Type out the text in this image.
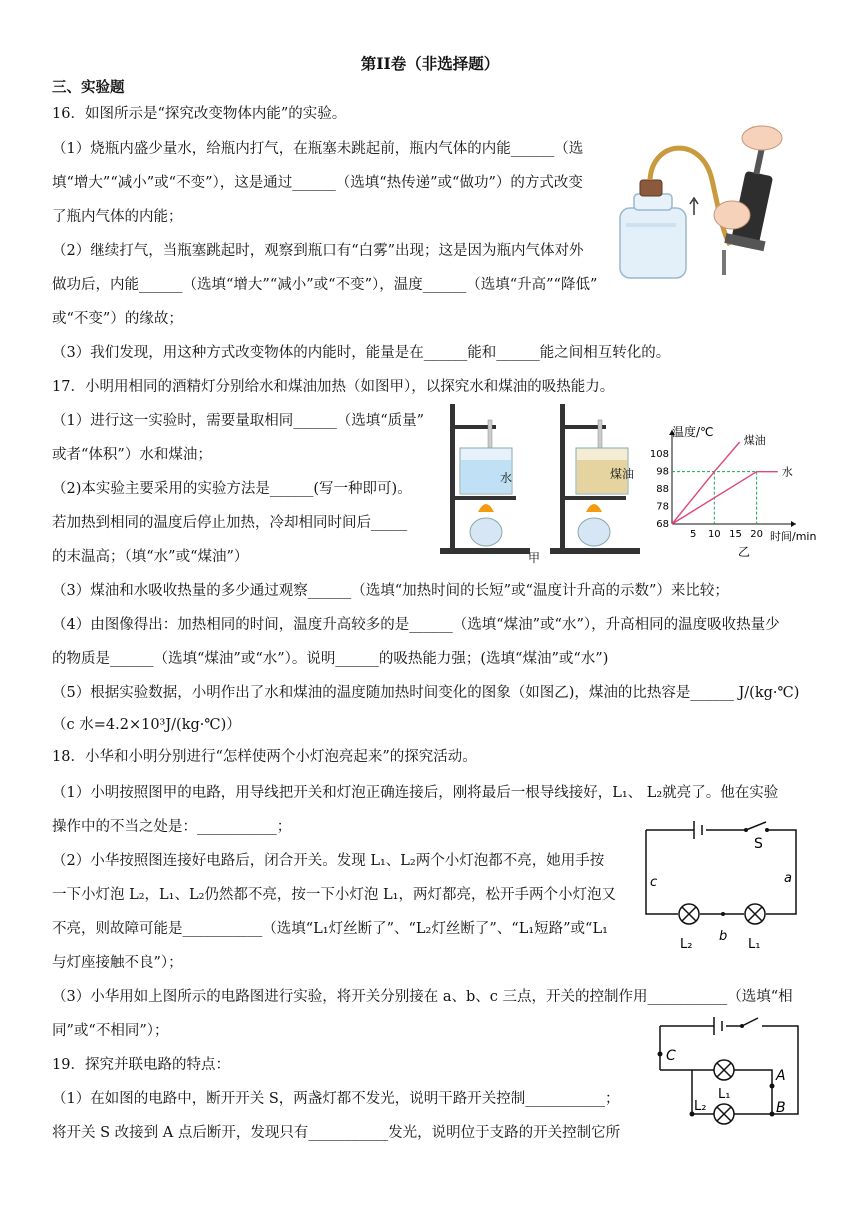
第II卷（非选择题）
三、实验题
16．如图所示是“探究改变物体内能”的实验。
（1）烧瓶内盛少量水，给瓶内打气，在瓶塞未跳起前，瓶内气体的内能______（选
填“增大”“减小”或“不变”），这是通过______（选填“热传递”或“做功”）的方式改变
了瓶内气体的内能；
（2）继续打气，当瓶塞跳起时，观察到瓶口有“白雾”出现；这是因为瓶内气体对外
做功后，内能______（选填“增大”“减小”或“不变”），温度______（选填“升高”“降低”
或“不变”）的缘故；
（3）我们发现，用这种方式改变物体的内能时，能量是在______能和______能之间相互转化的。
17．小明用相同的酒精灯分别给水和煤油加热（如图甲），以探究水和煤油的吸热能力。
（1）进行这一实验时，需要量取相同______（选填“质量”
或者“体积”）水和煤油；
（2)本实验主要采用的实验方法是______(写一种即可)。
若加热到相同的温度后停止加热，冷却相同时间后_____
的末温高；（填“水”或“煤油”）
（3）煤油和水吸收热量的多少通过观察______（选填“加热时间的长短”或“温度计升高的示数”）来比较；
（4）由图像得出：加热相同的时间，温度升高较多的是______（选填“煤油”或“水”），升高相同的温度吸收热量少
的物质是______（选填“煤油”或“水”）。说明______的吸热能力强；(选填“煤油”或“水”)
（5）根据实验数据，小明作出了水和煤油的温度随加热时间变化的图象（如图乙)，煤油的比热容是______ J/(kg·℃)
（c 水=4.2×10³J/(kg·℃)）
水	煤油
甲
5 10 15 20
68
78
88
98
108
煤油
水
温度/℃
时间/min
乙
18．小华和小明分别进行“怎样使两个小灯泡亮起来”的探究活动。
（1）小明按照图甲的电路，用导线把开关和灯泡正确连接后，刚将最后一根导线接好，L₁、 L₂就亮了。他在实验
操作中的不当之处是：___________；
（2）小华按照图连接好电路后，闭合开关。发现 L₁、L₂两个小灯泡都不亮，她用手按
一下小灯泡 L₂，L₁、L₂仍然都不亮，按一下小灯泡 L₁，两灯都亮，松开手两个小灯泡又
不亮，则故障可能是___________（选填“L₁灯丝断了”、“L₂灯丝断了”、“L₁短路”或“L₁
与灯座接触不良”）；
（3）小华用如上图所示的电路图进行实验，将开关分别接在 a、b、c 三点，开关的控制作用___________（选填“相
同”或“不相同”）；
S
a
c
b
L₂	L₁
19．探究并联电路的特点：
（1）在如图的电路中，断开开关 S，两盏灯都不发光，说明干路开关控制___________；
将开关 S 改接到 A 点后断开，发现只有___________发光，说明位于支路的开关控制它所
C
A
B
L₁
L₂
